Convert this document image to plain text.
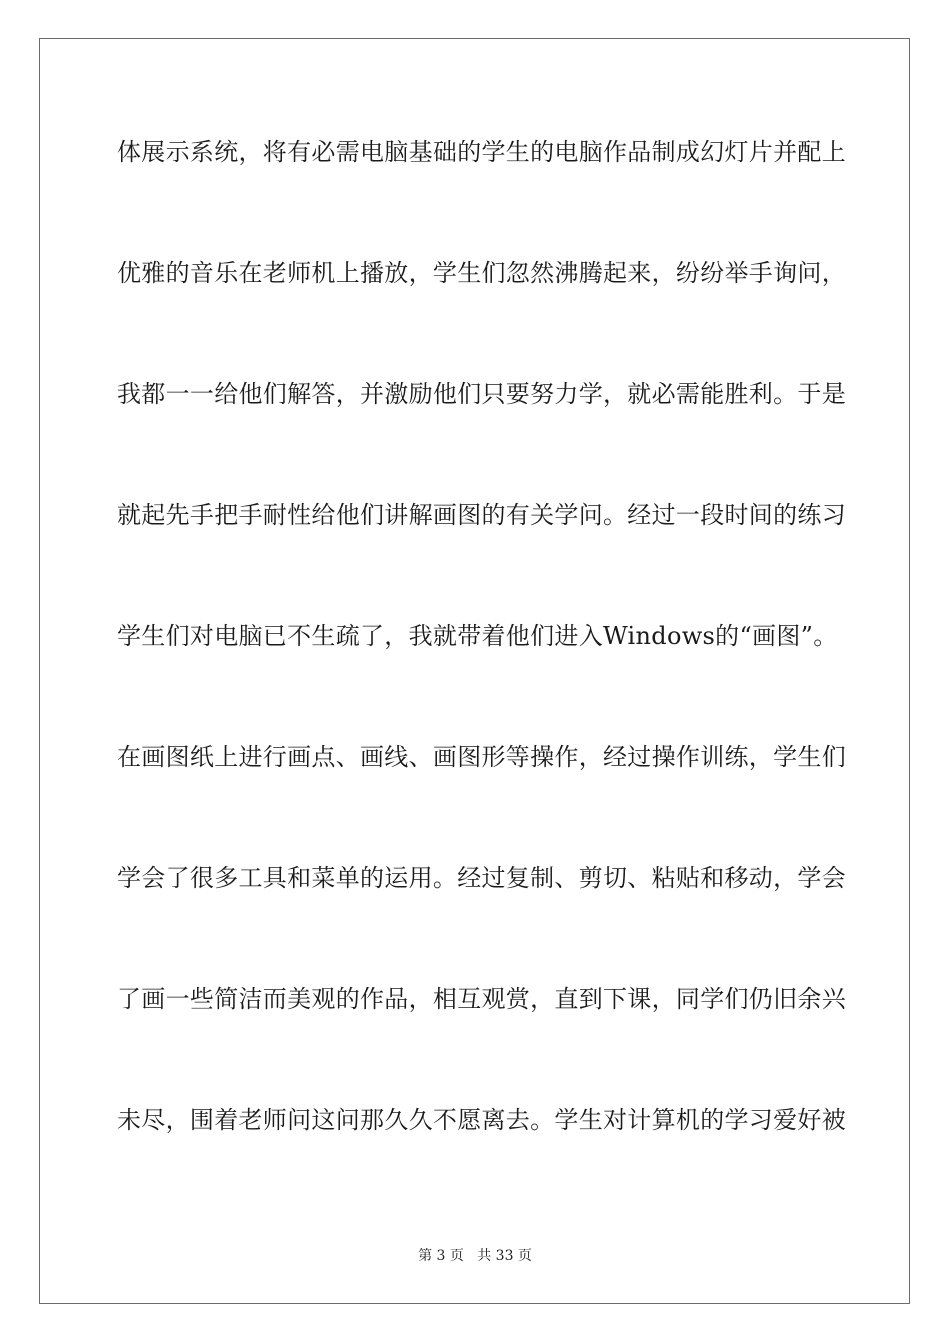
体展示系统，将有必需电脑基础的学生的电脑作品制成幻灯片并配上
优雅的音乐在老师机上播放，学生们忽然沸腾起来，纷纷举手询问，
我都一一给他们解答，并激励他们只要努力学，就必需能胜利。于是
就起先手把手耐性给他们讲解画图的有关学问。经过一段时间的练习
学生们对电脑已不生疏了，我就带着他们进入Windows的“画图”。
在画图纸上进行画点、画线、画图形等操作，经过操作训练，学生们
学会了很多工具和菜单的运用。经过复制、剪切、粘贴和移动，学会
了画一些简洁而美观的作品，相互观赏，直到下课，同学们仍旧余兴
未尽，围着老师问这问那久久不愿离去。学生对计算机的学习爱好被
第 3 页   共 33 页
